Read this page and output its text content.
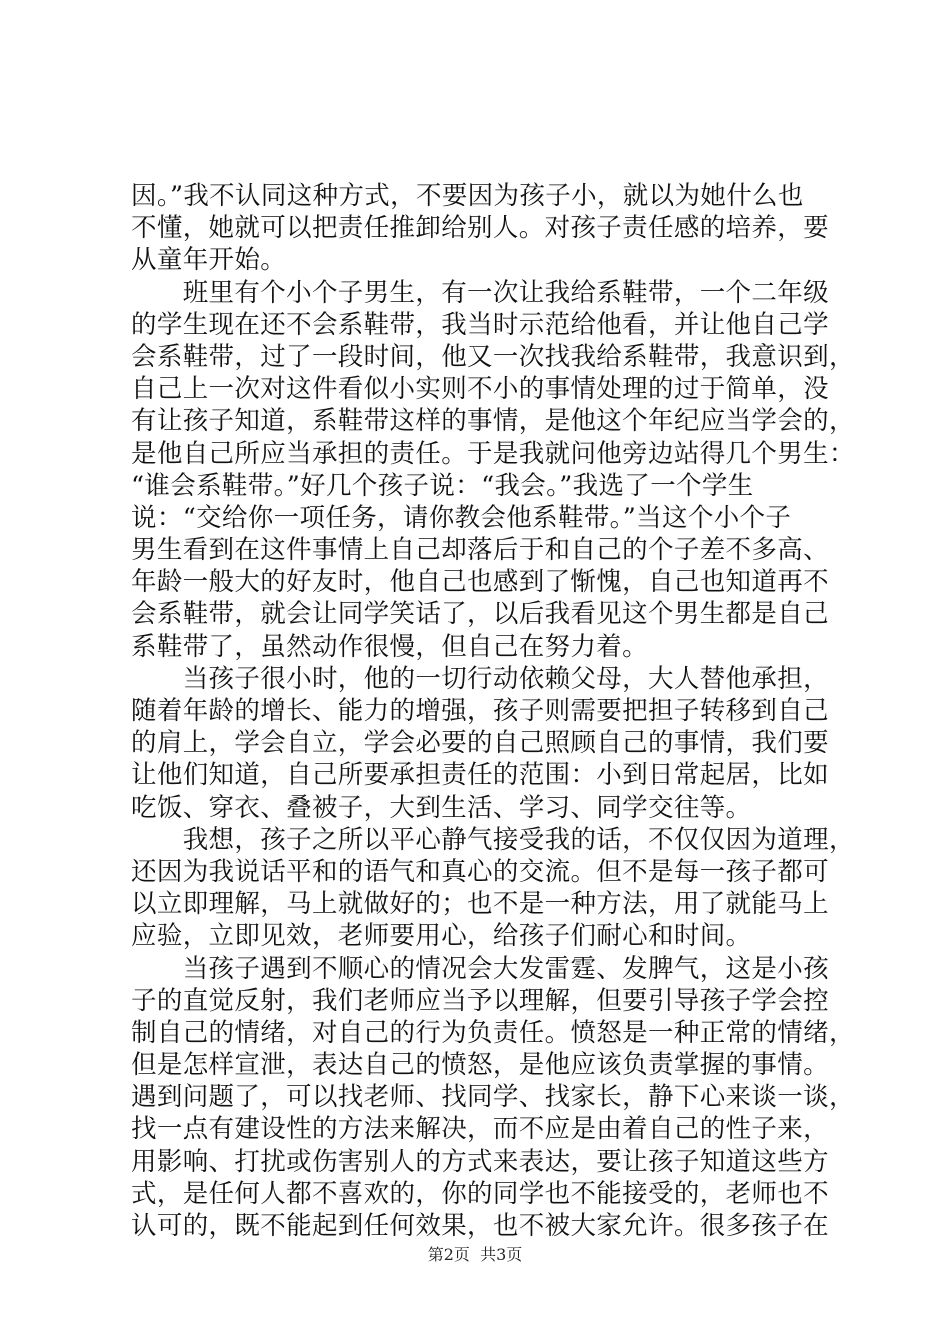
因。”我不认同这种方式，不要因为孩子小，就以为她什么也
不懂，她就可以把责任推卸给别人。对孩子责任感的培养，要
从童年开始。
　　班里有个小个子男生，有一次让我给系鞋带，一个二年级
的学生现在还不会系鞋带，我当时示范给他看，并让他自己学
会系鞋带，过了一段时间，他又一次找我给系鞋带，我意识到，
自己上一次对这件看似小实则不小的事情处理的过于简单，没
有让孩子知道，系鞋带这样的事情，是他这个年纪应当学会的，
是他自己所应当承担的责任。于是我就问他旁边站得几个男生：
“谁会系鞋带。”好几个孩子说：“我会。”我选了一个学生
说：“交给你一项任务，请你教会他系鞋带。”当这个小个子
男生看到在这件事情上自己却落后于和自己的个子差不多高、
年龄一般大的好友时，他自己也感到了惭愧，自己也知道再不
会系鞋带，就会让同学笑话了，以后我看见这个男生都是自己
系鞋带了，虽然动作很慢，但自己在努力着。
　　当孩子很小时，他的一切行动依赖父母，大人替他承担，
随着年龄的增长、能力的增强，孩子则需要把担子转移到自己
的肩上，学会自立，学会必要的自己照顾自己的事情，我们要
让他们知道，自己所要承担责任的范围：小到日常起居，比如
吃饭、穿衣、叠被子，大到生活、学习、同学交往等。
　　我想，孩子之所以平心静气接受我的话，不仅仅因为道理，
还因为我说话平和的语气和真心的交流。但不是每一孩子都可
以立即理解，马上就做好的；也不是一种方法，用了就能马上
应验，立即见效，老师要用心，给孩子们耐心和时间。
　　当孩子遇到不顺心的情况会大发雷霆、发脾气，这是小孩
子的直觉反射，我们老师应当予以理解，但要引导孩子学会控
制自己的情绪，对自己的行为负责任。愤怒是一种正常的情绪，
但是怎样宣泄，表达自己的愤怒，是他应该负责掌握的事情。
遇到问题了，可以找老师、找同学、找家长，静下心来谈一谈，
找一点有建设性的方法来解决，而不应是由着自己的性子来，
用影响、打扰或伤害别人的方式来表达，要让孩子知道这些方
式，是任何人都不喜欢的，你的同学也不能接受的，老师也不
认可的，既不能起到任何效果，也不被大家允许。很多孩子在
第2页  共3页
